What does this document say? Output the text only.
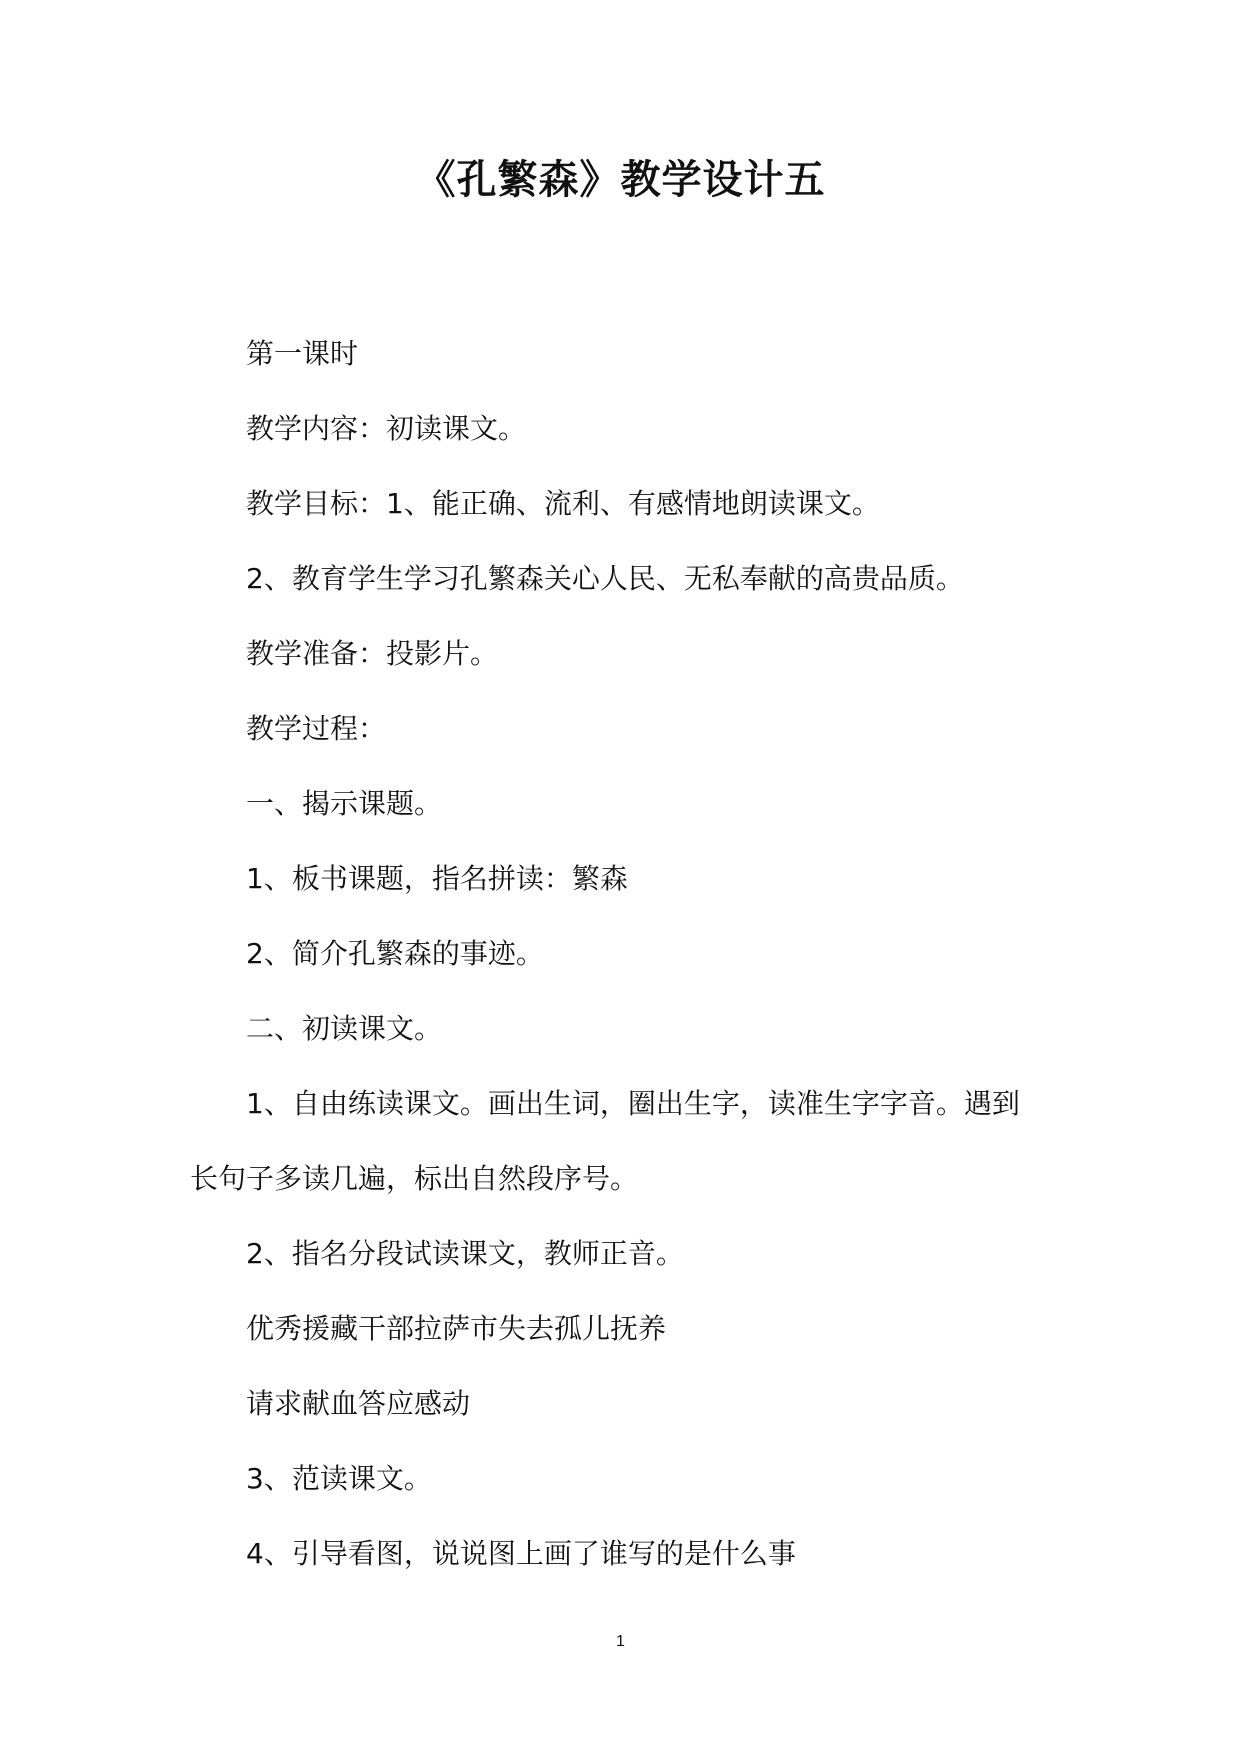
《孔繁森》教学设计五
第一课时
教学内容：初读课文。
教学目标：1、能正确、流利、有感情地朗读课文。
2、教育学生学习孔繁森关心人民、无私奉献的高贵品质。
教学准备：投影片。
教学过程：
一、揭示课题。
1、板书课题，指名拼读：繁森
2、简介孔繁森的事迹。
二、初读课文。
1、自由练读课文。画出生词，圈出生字，读准生字字音。遇到
长句子多读几遍，标出自然段序号。
2、指名分段试读课文，教师正音。
优秀援藏干部拉萨市失去孤儿抚养
请求献血答应感动
3、范读课文。
4、引导看图，说说图上画了谁写的是什么事
1
